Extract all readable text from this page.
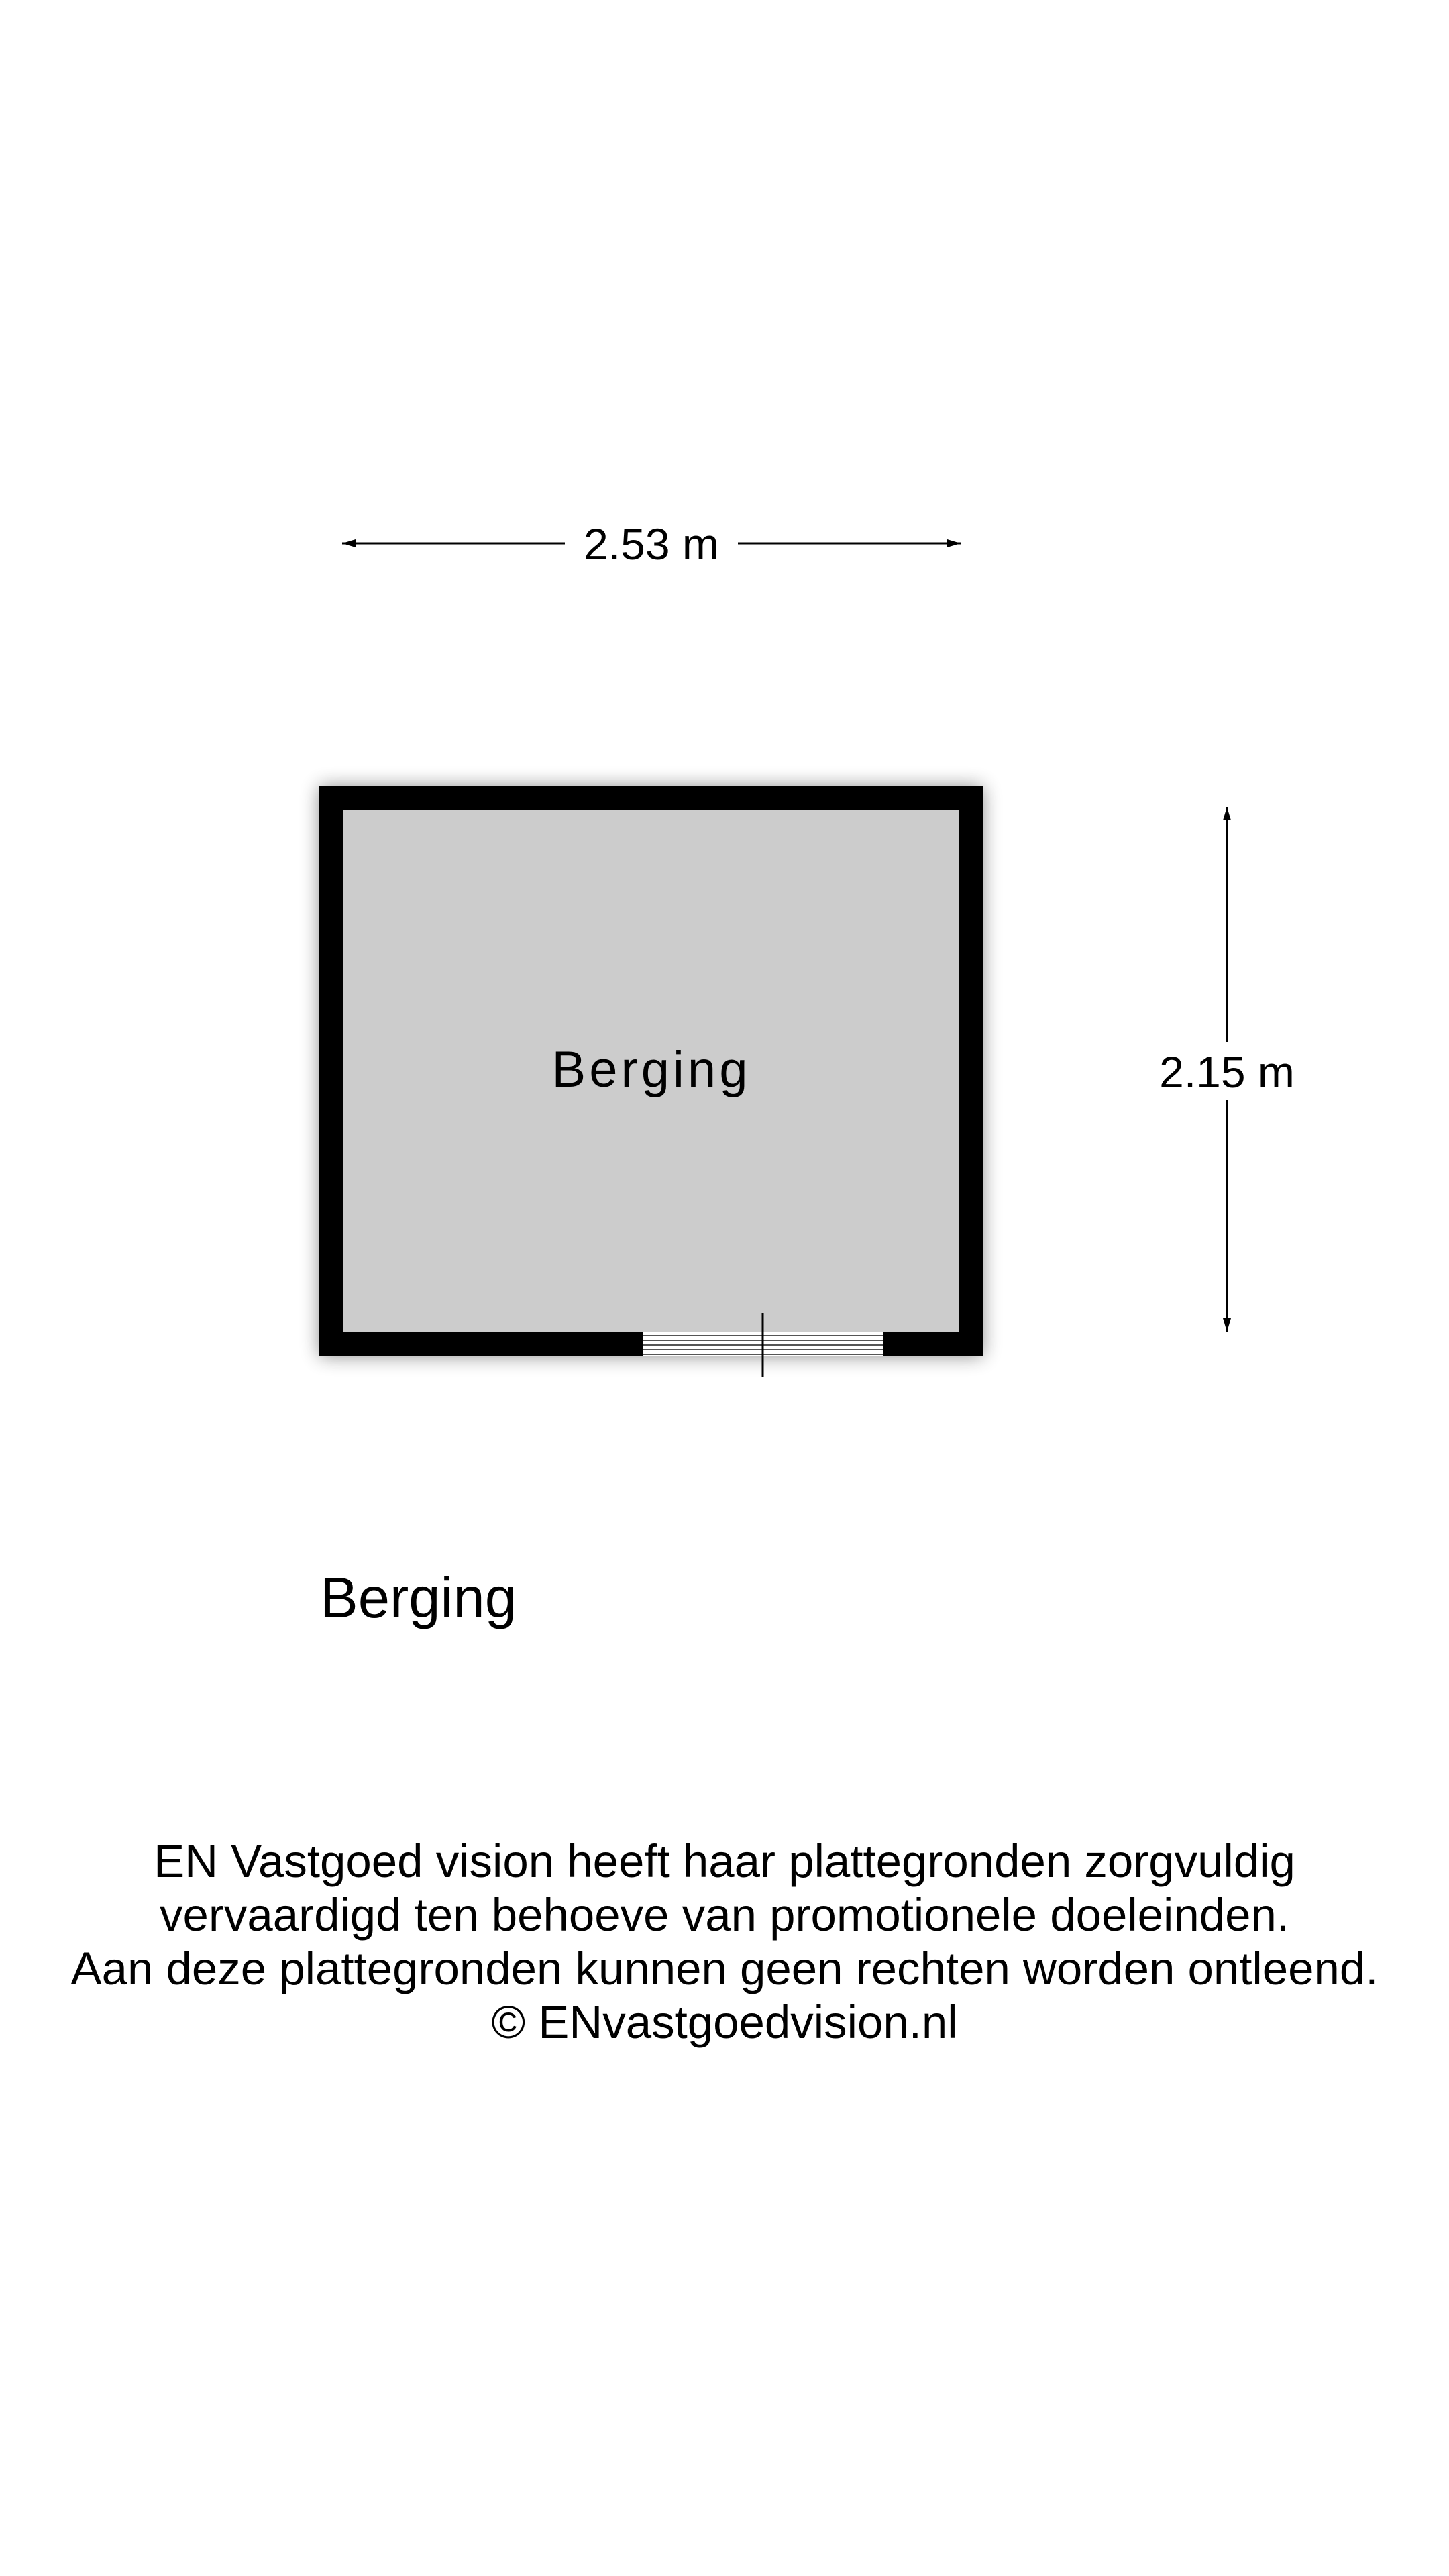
2.53 m
Berging	2.15 m
Berging
EN Vastgoed vision heeft haar plattegronden zorgvuldig
vervaardigd ten behoeve van promotionele doeleinden.
Aan deze plattegronden kunnen geen rechten worden ontleend.
© ENvastgoedvision.nl
